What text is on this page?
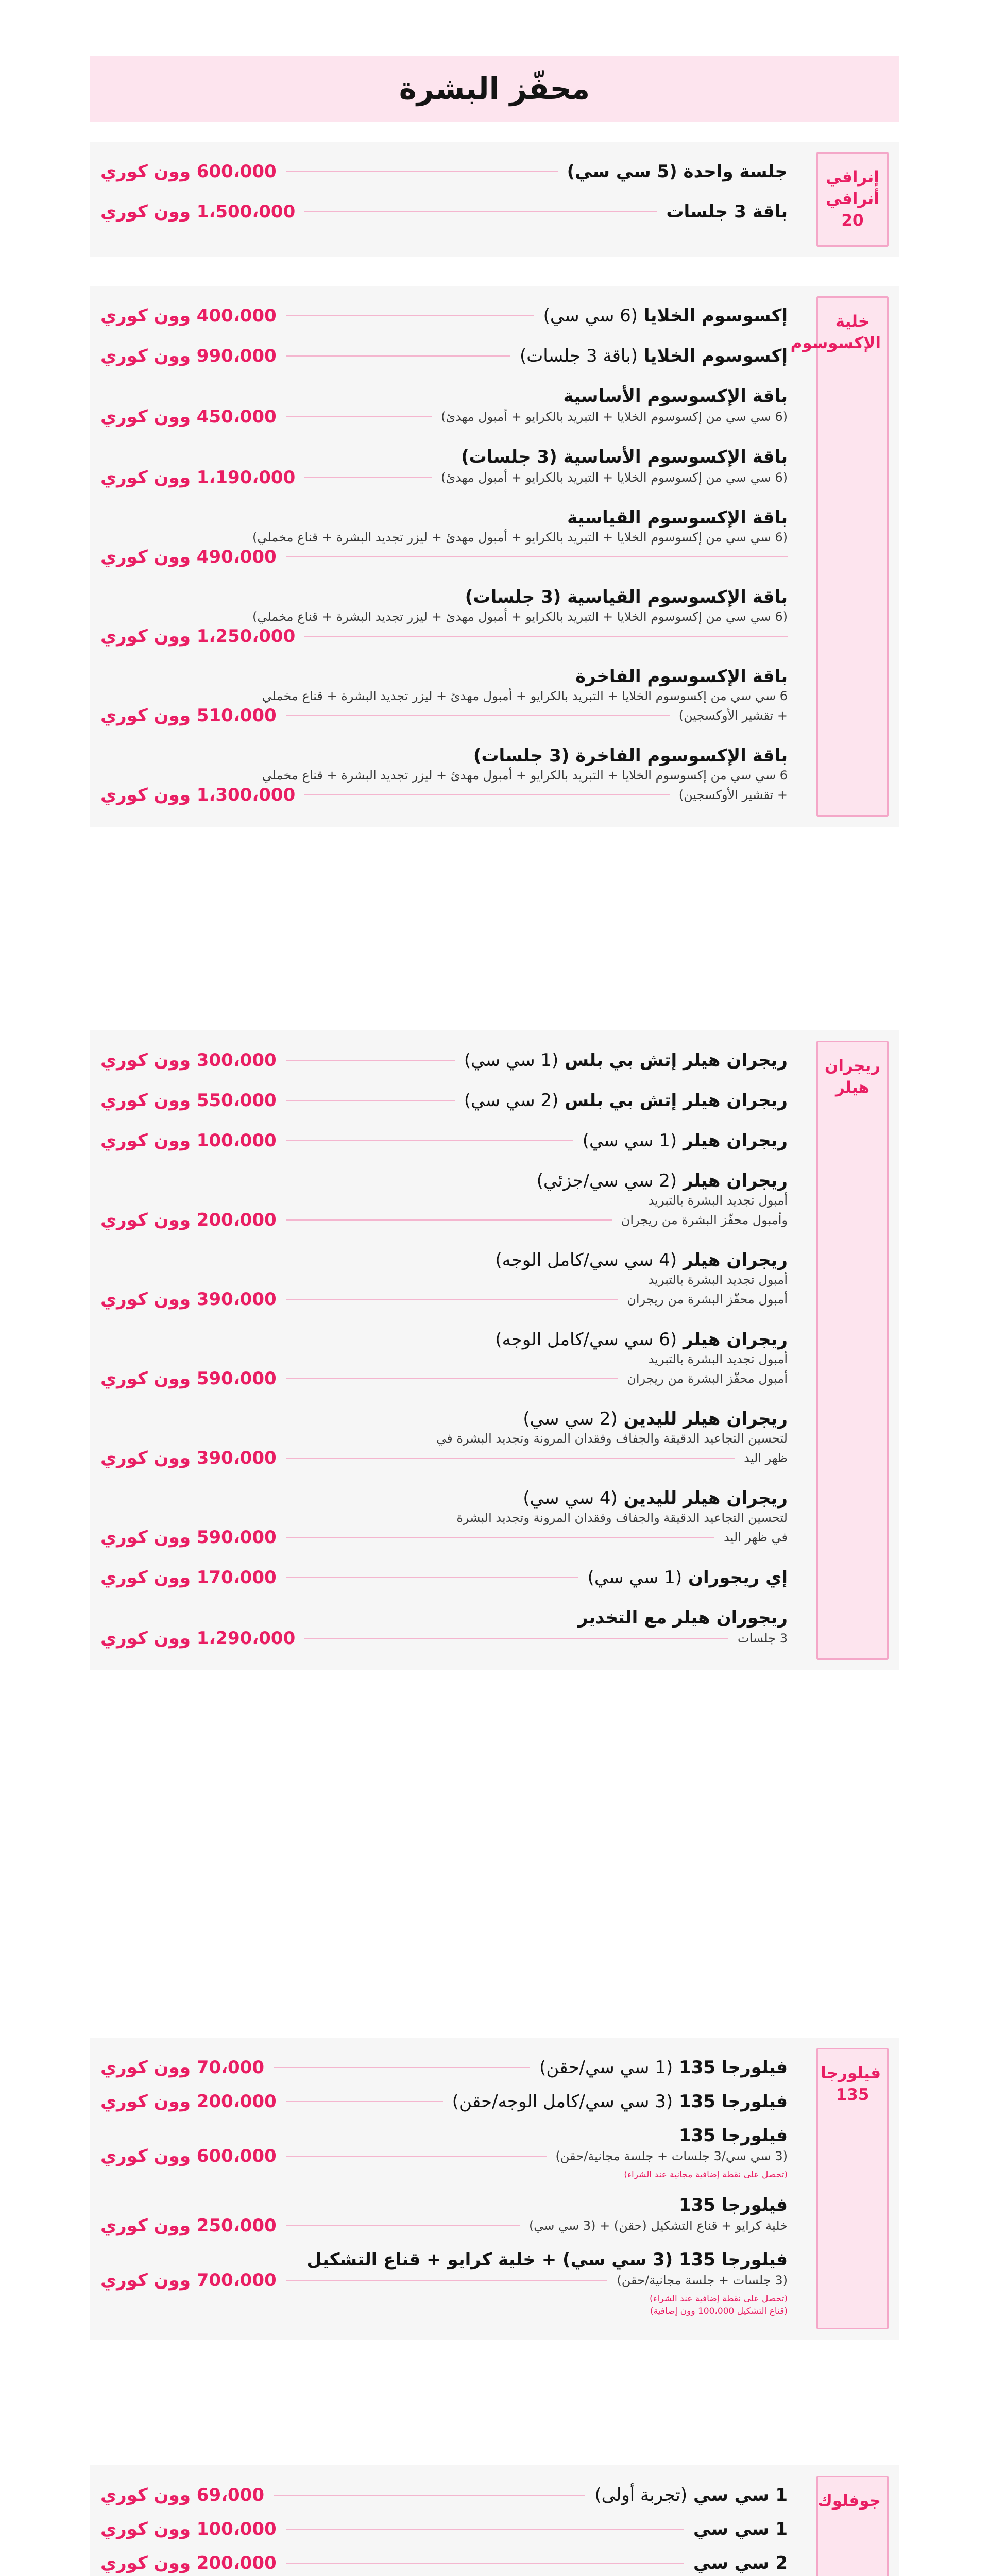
محفّز البشرة
إنرافي أنرافي 20
جلسة واحدة (5 سي سي)
600،000 وون كوري
باقة 3 جلسات
1،500،000 وون كوري
خلية الإكسوسوم
إكسوسوم الخلايا (6 سي سي)
400،000 وون كوري
إكسوسوم الخلايا (باقة 3 جلسات)
990،000 وون كوري
باقة الإكسوسوم الأساسية
(6 سي سي من إكسوسوم الخلايا + التبريد بالكرايو + أمبول مهدئ)
450،000 وون كوري
باقة الإكسوسوم الأساسية (3 جلسات)
(6 سي سي من إكسوسوم الخلايا + التبريد بالكرايو + أمبول مهدئ)
1،190،000 وون كوري
باقة الإكسوسوم القياسية
(6 سي سي من إكسوسوم الخلايا + التبريد بالكرايو + أمبول مهدئ + ليزر تجديد البشرة + قناع مخملي)
490،000 وون كوري
باقة الإكسوسوم القياسية (3 جلسات)
(6 سي سي من إكسوسوم الخلايا + التبريد بالكرايو + أمبول مهدئ + ليزر تجديد البشرة + قناع مخملي)
1،250،000 وون كوري
باقة الإكسوسوم الفاخرة
6 سي سي من إكسوسوم الخلايا + التبريد بالكرايو + أمبول مهدئ + ليزر تجديد البشرة + قناع مخملي
+ تقشير الأوكسجين)
510،000 وون كوري
باقة الإكسوسوم الفاخرة (3 جلسات)
6 سي سي من إكسوسوم الخلايا + التبريد بالكرايو + أمبول مهدئ + ليزر تجديد البشرة + قناع مخملي
+ تقشير الأوكسجين)
1،300،000 وون كوري
ريجران هيلر
ريجران هيلر إتش بي بلس (1 سي سي)
300،000 وون كوري
ريجران هيلر إتش بي بلس (2 سي سي)
550،000 وون كوري
ريجران هيلر (1 سي سي)
100،000 وون كوري
ريجران هيلر (2 سي سي/جزئي)
أمبول تجديد البشرة بالتبريد
وأمبول محفّز البشرة من ريجران
200،000 وون كوري
ريجران هيلر (4 سي سي/كامل الوجه)
أمبول تجديد البشرة بالتبريد
أمبول محفّز البشرة من ريجران
390،000 وون كوري
ريجران هيلر (6 سي سي/كامل الوجه)
أمبول تجديد البشرة بالتبريد
أمبول محفّز البشرة من ريجران
590،000 وون كوري
ريجران هيلر لليدين (2 سي سي)
لتحسين التجاعيد الدقيقة والجفاف وفقدان المرونة وتجديد البشرة في
ظهر اليد
390،000 وون كوري
ريجران هيلر لليدين (4 سي سي)
لتحسين التجاعيد الدقيقة والجفاف وفقدان المرونة وتجديد البشرة
في ظهر اليد
590،000 وون كوري
إي ريجوران (1 سي سي)
170،000 وون كوري
ريجوران هيلر مع التخدير
3 جلسات
1،290،000 وون كوري
فيلورجا 135
فيلورجا 135 (1 سي سي/حقن)
70،000 وون كوري
فيلورجا 135 (3 سي سي/كامل الوجه/حقن)
200،000 وون كوري
فيلورجا 135
(3 سي سي/3 جلسات + جلسة مجانية/حقن)
600،000 وون كوري
(تحصل على نقطة إضافية مجانية عند الشراء)
فيلورجا 135
خلية كرايو + قناع التشكيل (حقن) + (3 سي سي)
250،000 وون كوري
فيلورجا 135 (3 سي سي) + خلية كرايو + قناع التشكيل
(3 جلسات + جلسة مجانية/حقن)
700،000 وون كوري
(تحصل على نقطة إضافية عند الشراء)
(قناع التشكيل 100،000 وون إضافية)
جوفلوك
1 سي سي (تجربة أولى)
69،000 وون كوري
1 سي سي
100،000 وون كوري
2 سي سي
200،000 وون كوري
